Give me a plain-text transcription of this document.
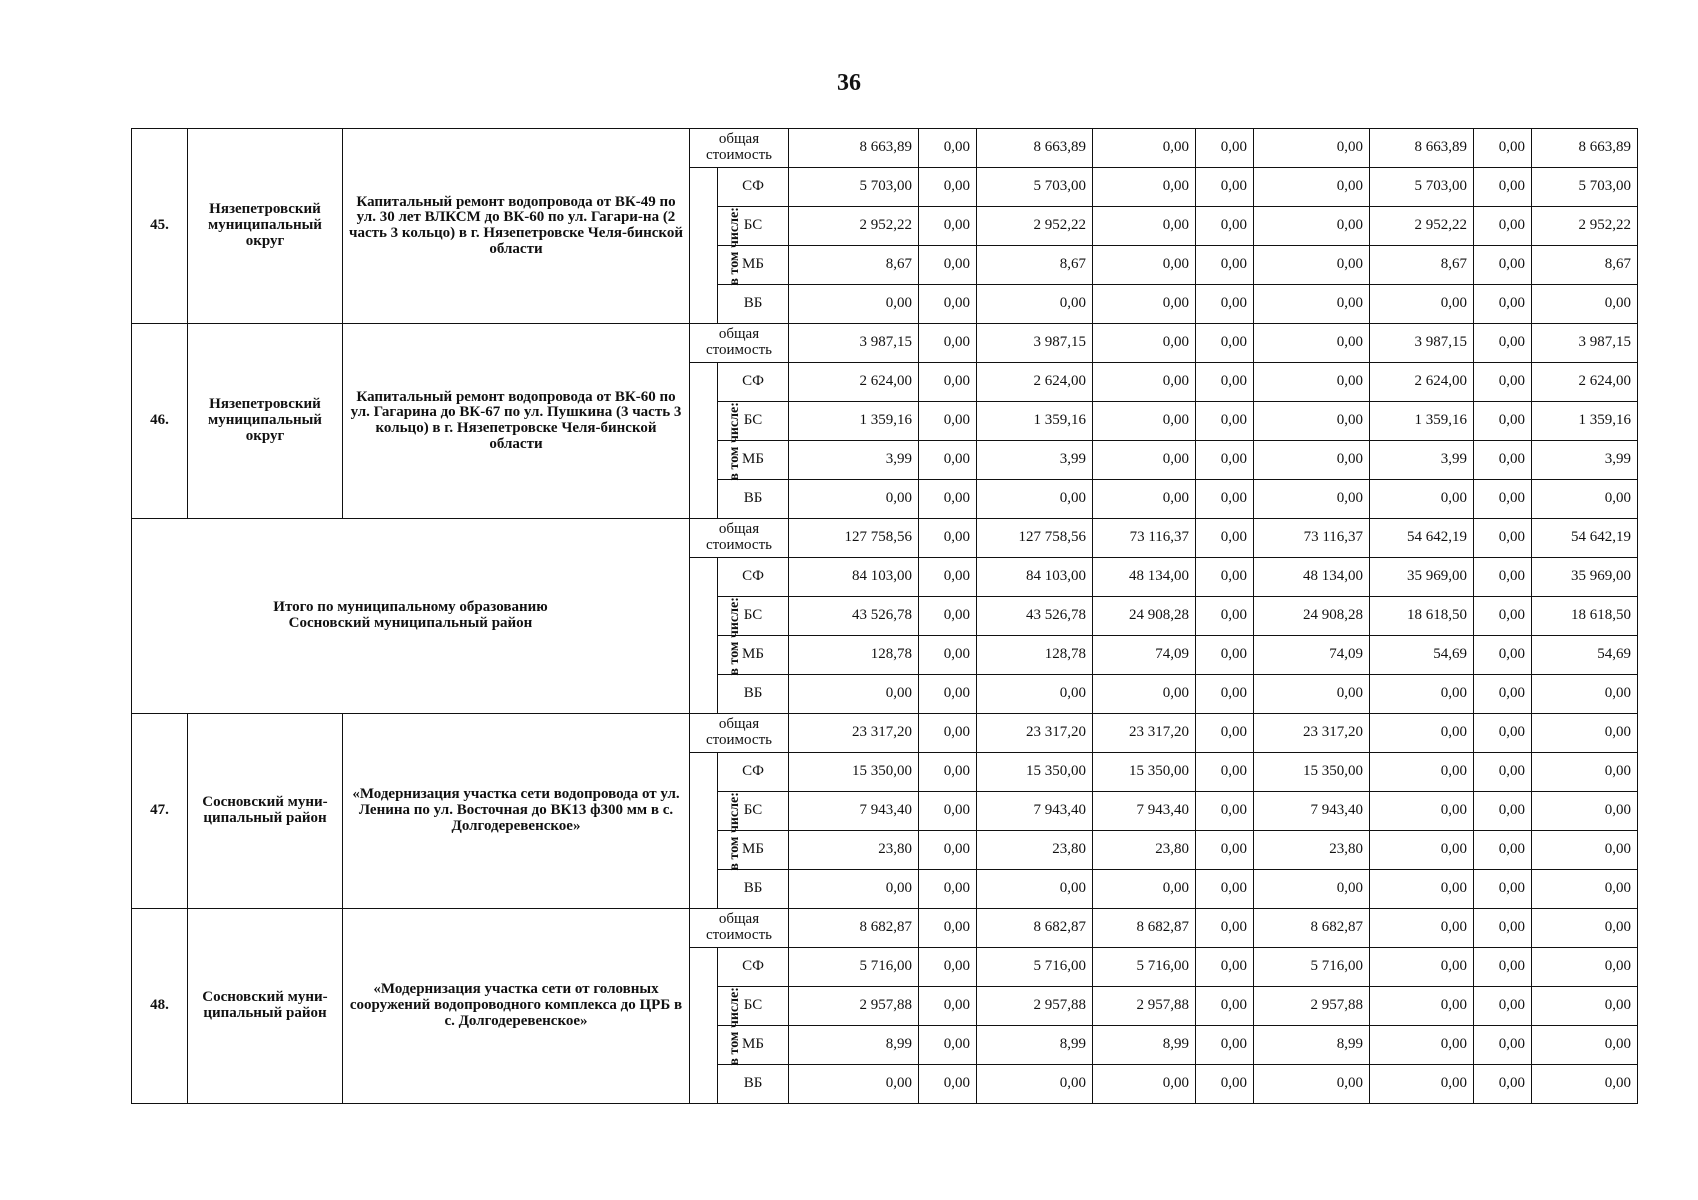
36
45.	Нязепетровский муниципальный округ	Капитальный ремонт водопровода от ВК-49 по ул. 30 лет ВЛКСМ до ВК-60 по ул. Гагари-на (2 часть 3 кольцо) в г. Нязепетровске Челя-бинской области	общая стоимость		8 663,89	0,00	8 663,89	0,00	0,00	0,00	8 663,89	0,00	8 663,89
			в том числе:	СФ	5 703,00	0,00	5 703,00	0,00	0,00	0,00	5 703,00	0,00	5 703,00
				БС	2 952,22	0,00	2 952,22	0,00	0,00	0,00	2 952,22	0,00	2 952,22
				МБ	8,67	0,00	8,67	0,00	0,00	0,00	8,67	0,00	8,67
				ВБ	0,00	0,00	0,00	0,00	0,00	0,00	0,00	0,00	0,00
46.	Нязепетровский муниципальный округ	Капитальный ремонт водопровода от ВК-60 по ул. Гагарина до ВК-67 по ул. Пушкина (3 часть 3 кольцо) в г. Нязепетровске Челя-бинской области	общая стоимость		3 987,15	0,00	3 987,15	0,00	0,00	0,00	3 987,15	0,00	3 987,15
			в том числе:	СФ	2 624,00	0,00	2 624,00	0,00	0,00	0,00	2 624,00	0,00	2 624,00
				БС	1 359,16	0,00	1 359,16	0,00	0,00	0,00	1 359,16	0,00	1 359,16
				МБ	3,99	0,00	3,99	0,00	0,00	0,00	3,99	0,00	3,99
				ВБ	0,00	0,00	0,00	0,00	0,00	0,00	0,00	0,00	0,00

Итого по муниципальному образованию
Сосновский муниципальный район			общая стоимость		127 758,56	0,00	127 758,56	73 116,37	0,00	73 116,37	54 642,19	0,00	54 642,19
			в том числе:	СФ	84 103,00	0,00	84 103,00	48 134,00	0,00	48 134,00	35 969,00	0,00	35 969,00
				БС	43 526,78	0,00	43 526,78	24 908,28	0,00	24 908,28	18 618,50	0,00	18 618,50
				МБ	128,78	0,00	128,78	74,09	0,00	74,09	54,69	0,00	54,69
				ВБ	0,00	0,00	0,00	0,00	0,00	0,00	0,00	0,00	0,00
47.	Сосновский муни-ципальный район	«Модернизация участка сети водопровода от ул. Ленина по ул. Восточная до ВК13 ф300 мм в с. Долгодеревенское»	общая стоимость		23 317,20	0,00	23 317,20	23 317,20	0,00	23 317,20	0,00	0,00	0,00
			в том числе:	СФ	15 350,00	0,00	15 350,00	15 350,00	0,00	15 350,00	0,00	0,00	0,00
				БС	7 943,40	0,00	7 943,40	7 943,40	0,00	7 943,40	0,00	0,00	0,00
				МБ	23,80	0,00	23,80	23,80	0,00	23,80	0,00	0,00	0,00
				ВБ	0,00	0,00	0,00	0,00	0,00	0,00	0,00	0,00	0,00
48.	Сосновский муни-ципальный район	«Модернизация участка сети от головных сооружений водопроводного комплекса до ЦРБ в с. Долгодеревенское»	общая стоимость		8 682,87	0,00	8 682,87	8 682,87	0,00	8 682,87	0,00	0,00	0,00
			в том числе:	СФ	5 716,00	0,00	5 716,00	5 716,00	0,00	5 716,00	0,00	0,00	0,00
				БС	2 957,88	0,00	2 957,88	2 957,88	0,00	2 957,88	0,00	0,00	0,00
				МБ	8,99	0,00	8,99	8,99	0,00	8,99	0,00	0,00	0,00
				ВБ	0,00	0,00	0,00	0,00	0,00	0,00	0,00	0,00	0,00
